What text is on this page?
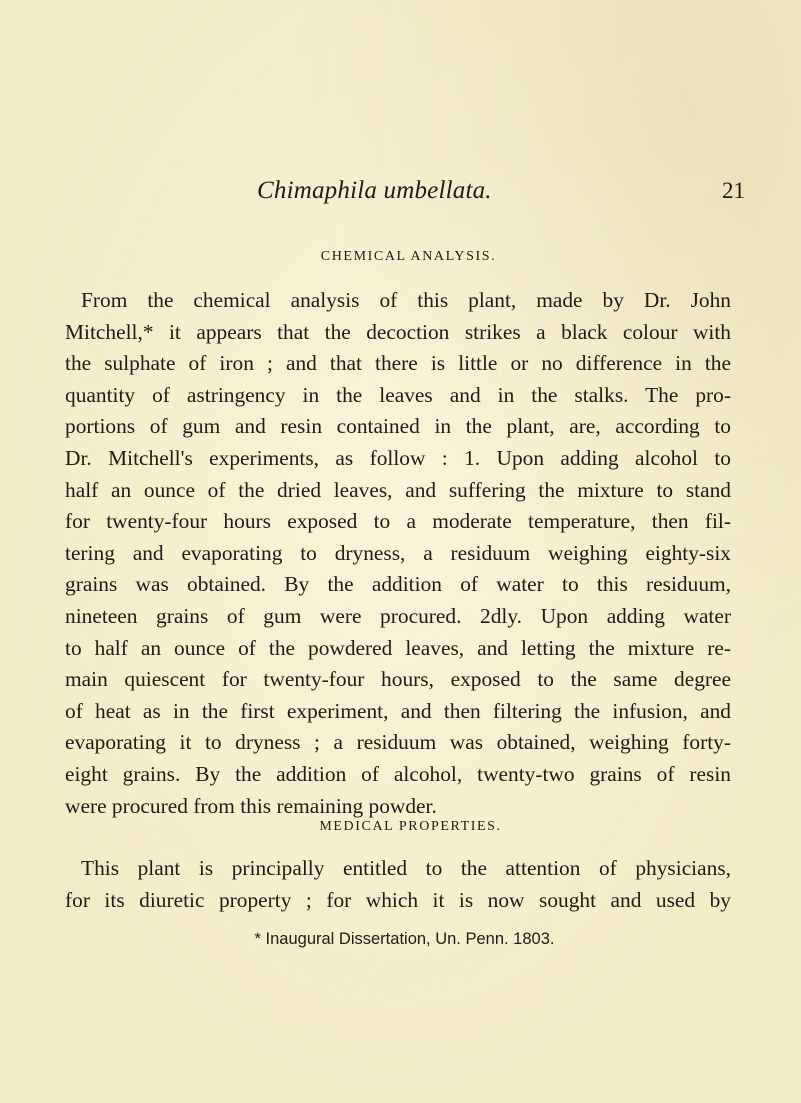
Chimaphila umbellata.	21
CHEMICAL ANALYSIS.
From the chemical analysis of this plant, made by Dr. John
Mitchell,* it appears that the decoction strikes a black colour with
the sulphate of iron ; and that there is little or no difference in the
quantity of astringency in the leaves and in the stalks. The pro-
portions of gum and resin contained in the plant, are, according to
Dr. Mitchell's experiments, as follow : 1. Upon adding alcohol to
half an ounce of the dried leaves, and suffering the mixture to stand
for twenty-four hours exposed to a moderate temperature, then fil-
tering and evaporating to dryness, a residuum weighing eighty-six
grains was obtained. By the addition of water to this residuum,
nineteen grains of gum were procured. 2dly. Upon adding water
to half an ounce of the powdered leaves, and letting the mixture re-
main quiescent for twenty-four hours, exposed to the same degree
of heat as in the first experiment, and then filtering the infusion, and
evaporating it to dryness ; a residuum was obtained, weighing forty-
eight grains. By the addition of alcohol, twenty-two grains of resin
were procured from this remaining powder.
MEDICAL PROPERTIES.
This plant is principally entitled to the attention of physicians,
for its diuretic property ; for which it is now sought and used by
* Inaugural Dissertation, Un. Penn. 1803.
